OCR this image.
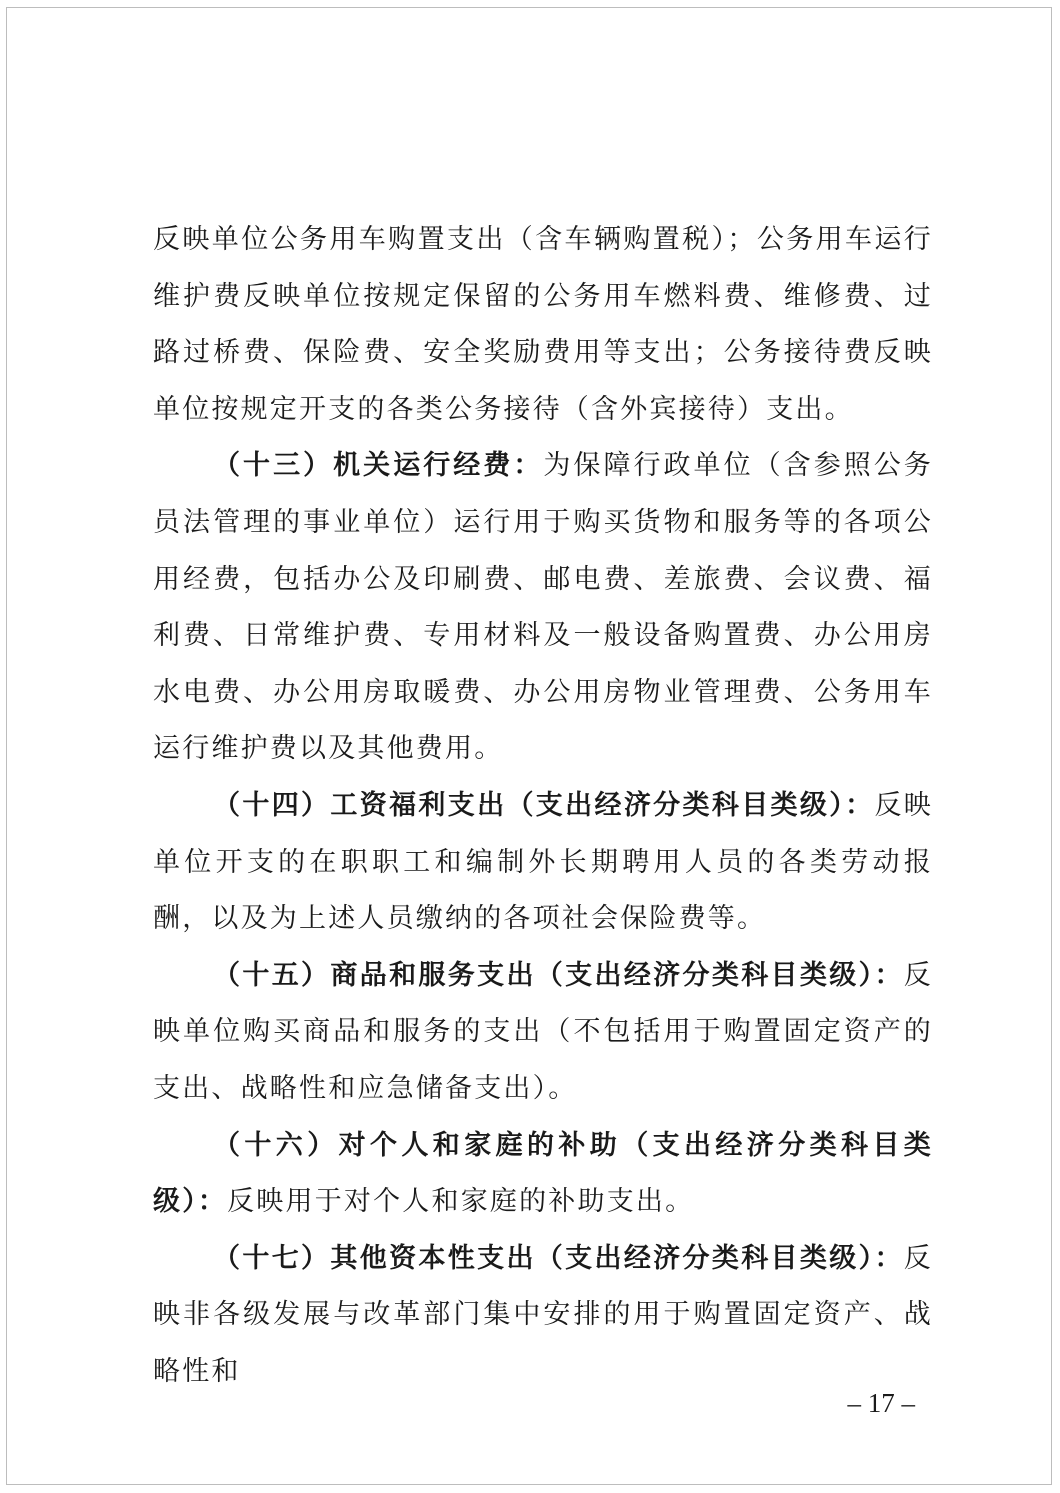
反映单位公务用车购置支出（含车辆购置税）；公务用车运行维护费反映单位按规定保留的公务用车燃料费、维修费、过路过桥费、保险费、安全奖励费用等支出；公务接待费反映单位按规定开支的各类公务接待（含外宾接待）支出。

（十三）机关运行经费：为保障行政单位（含参照公务员法管理的事业单位）运行用于购买货物和服务等的各项公用经费，包括办公及印刷费、邮电费、差旅费、会议费、福利费、日常维护费、专用材料及一般设备购置费、办公用房水电费、办公用房取暖费、办公用房物业管理费、公务用车运行维护费以及其他费用。

（十四）工资福利支出（支出经济分类科目类级）：反映单位开支的在职职工和编制外长期聘用人员的各类劳动报酬，以及为上述人员缴纳的各项社会保险费等。

（十五）商品和服务支出（支出经济分类科目类级）：反映单位购买商品和服务的支出（不包括用于购置固定资产的支出、战略性和应急储备支出）。

（十六）对个人和家庭的补助（支出经济分类科目类级）：反映用于对个人和家庭的补助支出。

（十七）其他资本性支出（支出经济分类科目类级）：反映非各级发展与改革部门集中安排的用于购置固定资产、战略性和

– 17 –
